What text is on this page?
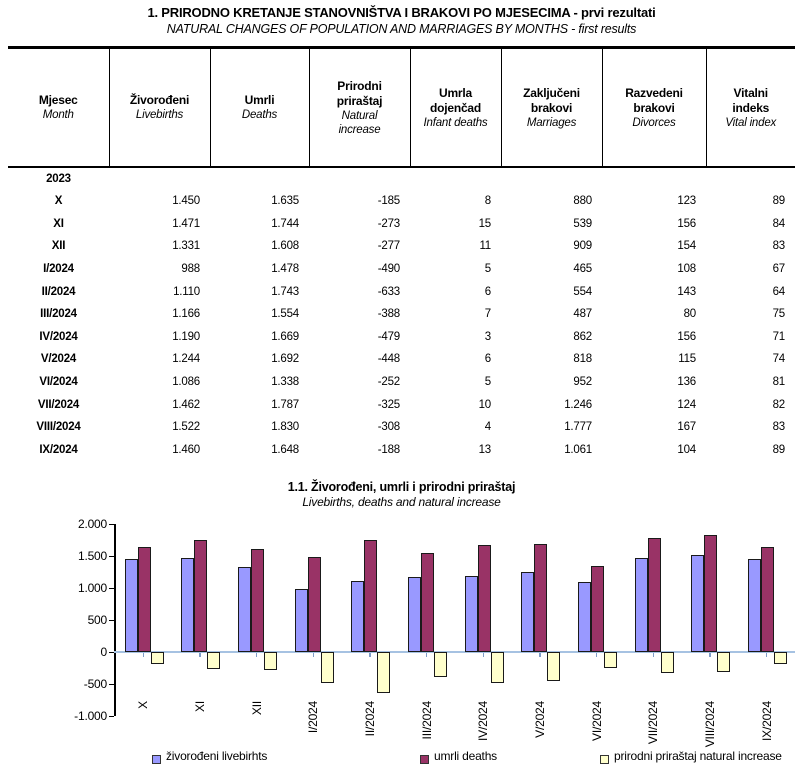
1. PRIRODNO KRETANJE STANOVNIŠTVA I BRAKOVI PO MJESECIMA - prvi rezultati
NATURAL CHANGES OF POPULATION AND MARRIAGES BY MONTHS - first results
Mjesec
Month

Živorođeni
Livebirths

Umrli
Deaths

Prirodni priraštaj
Natural increase

Umrla dojenčad
Infant deaths

Zaključeni brakovi
Marriages

Razvedeni brakovi
Divorces

Vitalni indeks
Vital index

2023							
X	1.450	1.635	-185	8	880	123	89
XI	1.471	1.744	-273	15	539	156	84
XII	1.331	1.608	-277	11	909	154	83
I/2024	988	1.478	-490	5	465	108	67
II/2024	1.110	1.743	-633	6	554	143	64
III/2024	1.166	1.554	-388	7	487	80	75
IV/2024	1.190	1.669	-479	3	862	156	71
V/2024	1.244	1.692	-448	6	818	115	74
VI/2024	1.086	1.338	-252	5	952	136	81
VII/2024	1.462	1.787	-325	10	1.246	124	82
VIII/2024	1.522	1.830	-308	4	1.777	167	83
IX/2024	1.460	1.648	-188	13	1.061	104	89
1.1. Živorođeni, umrli i prirodni priraštaj
Livebirths, deaths and natural increase
2.000
1.500
1.000
500
0
-500
-1.000
X	XI	XII	I/2024	II/2024	III/2024	IV/2024	V/2024	VI/2024	VII/2024	VIII/2024	IX/2024
živorođeni livebirhts	umrli deaths	prirodni priraštaj natural increase
